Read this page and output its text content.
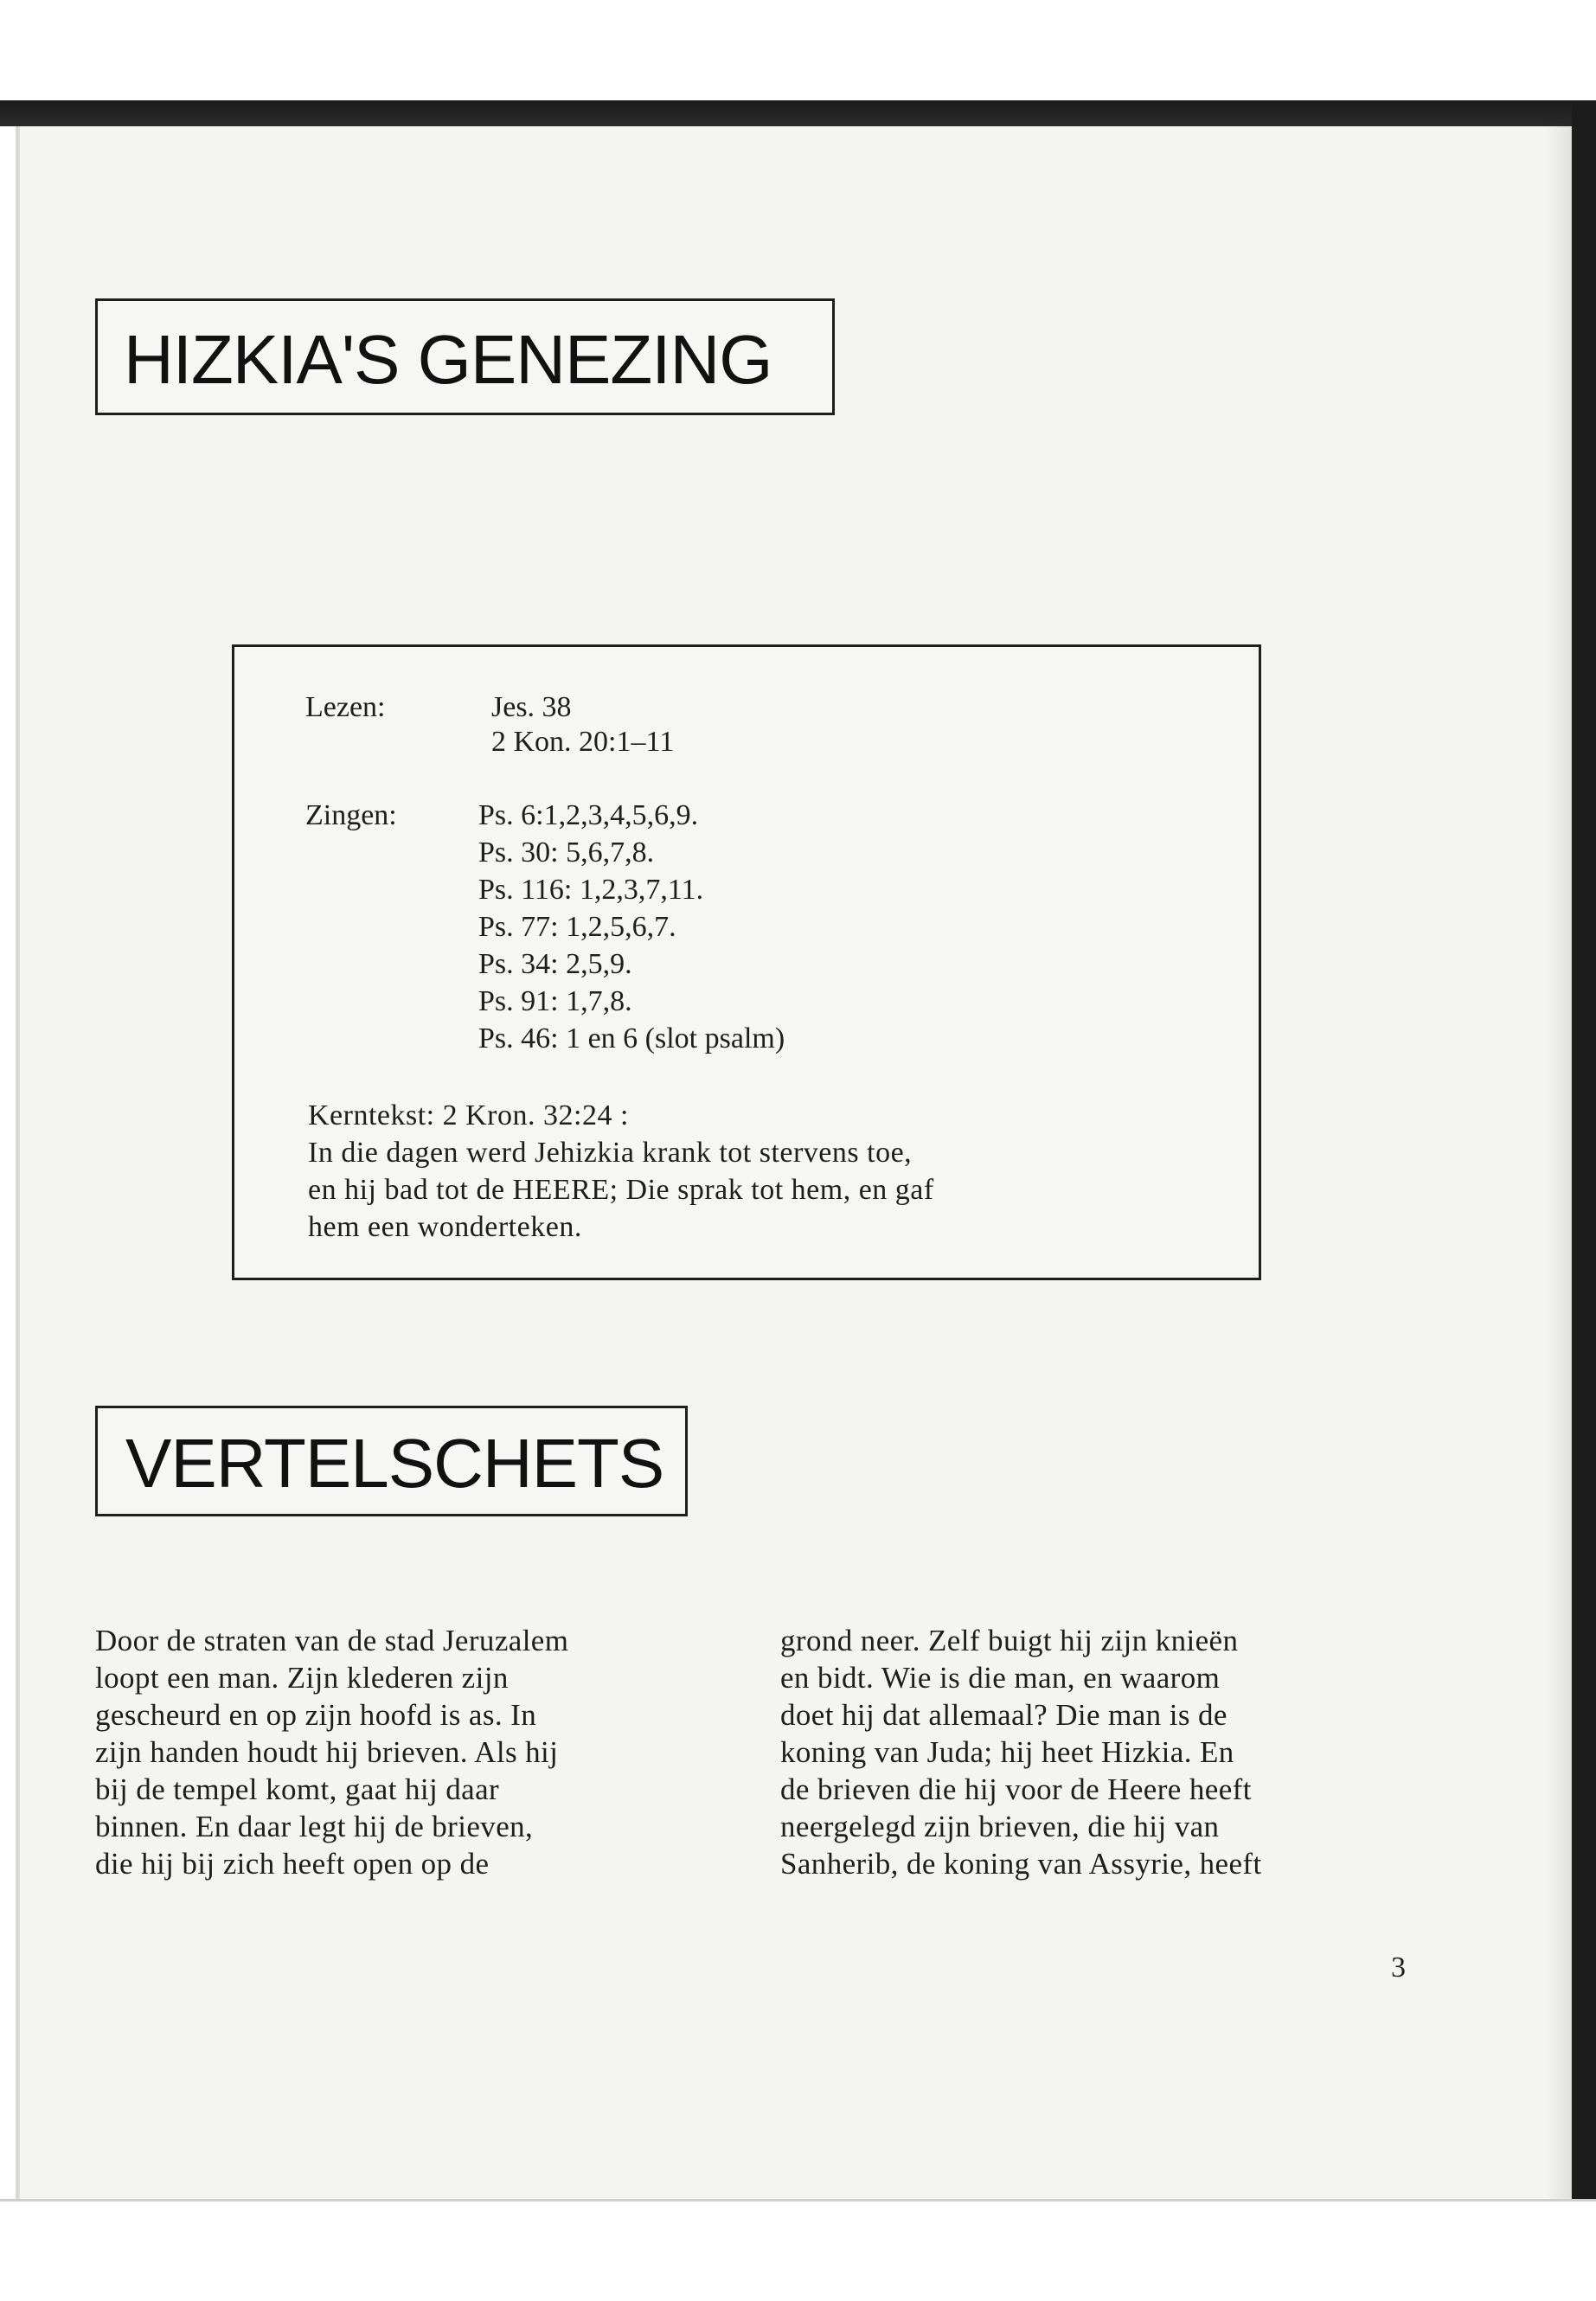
HIZKIA'S GENEZING
Lezen:	Jes. 38
2 Kon. 20:1–11
Zingen:	Ps. 6:1,2,3,4,5,6,9.
Ps. 30: 5,6,7,8.
Ps. 116: 1,2,3,7,11.
Ps. 77: 1,2,5,6,7.
Ps. 34: 2,5,9.
Ps. 91: 1,7,8.
Ps. 46: 1 en 6 (slot psalm)
Kerntekst: 2 Kron. 32:24 :
In die dagen werd Jehizkia krank tot stervens toe,
en hij bad tot de HEERE; Die sprak tot hem, en gaf
hem een wonderteken.
VERTELSCHETS
Door de straten van de stad Jeruzalem
loopt een man. Zijn klederen zijn
gescheurd en op zijn hoofd is as. In
zijn handen houdt hij brieven. Als hij
bij de tempel komt, gaat hij daar
binnen. En daar legt hij de brieven,
die hij bij zich heeft open op de
grond neer. Zelf buigt hij zijn knieën
en bidt. Wie is die man, en waarom
doet hij dat allemaal? Die man is de
koning van Juda; hij heet Hizkia. En
de brieven die hij voor de Heere heeft
neergelegd zijn brieven, die hij van
Sanherib, de koning van Assyrie, heeft
3
